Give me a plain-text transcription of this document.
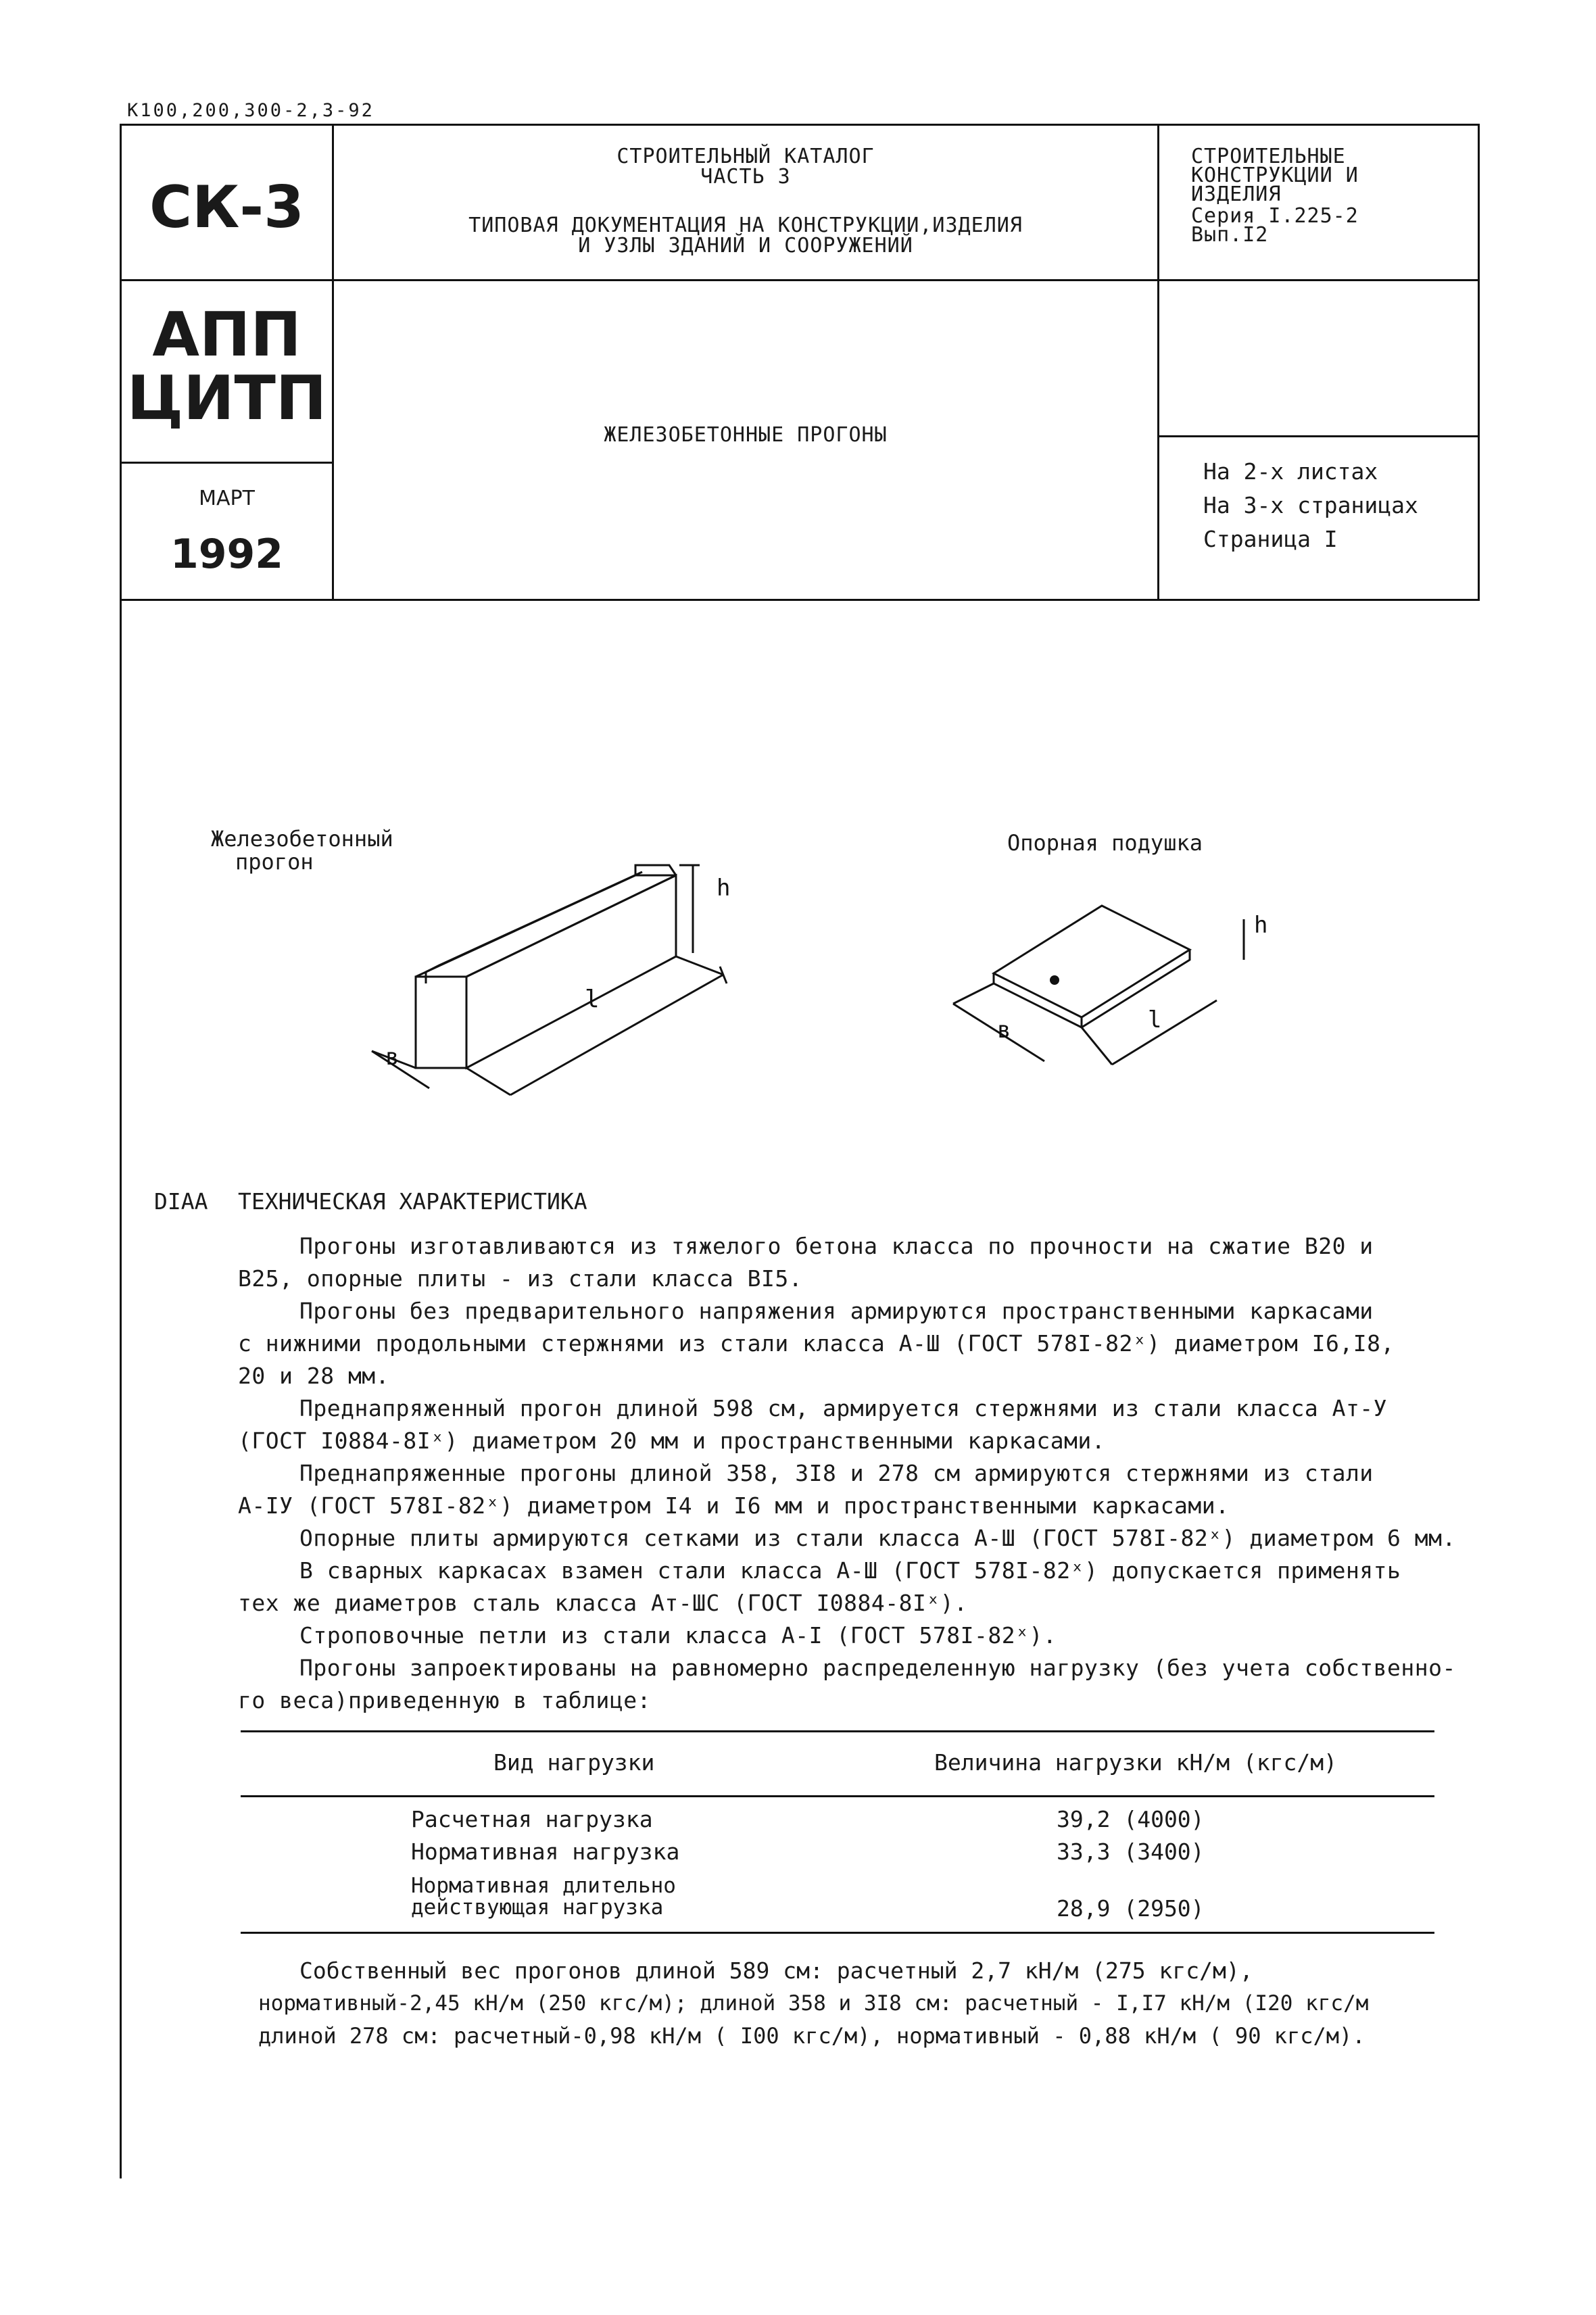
К100,200,300-2,3-92
СК-3
АПП
ЦИТП
МАРТ
1992
СТРОИТЕЛЬНЫЙ КАТАЛОГ
ЧАСТЬ 3
ТИПОВАЯ ДОКУМЕНТАЦИЯ НА КОНСТРУКЦИИ,ИЗДЕЛИЯ
И УЗЛЫ ЗДАНИЙ И СООРУЖЕНИЙ
ЖЕЛЕЗОБЕТОННЫЕ ПРОГОНЫ
СТРОИТЕЛЬНЫЕ
КОНСТРУКЦИИ И
ИЗДЕЛИЯ
Серия I.225-2
Вып.I2
На 2-х листах
На 3-х страницах
Страница I
Железобетонный
прогон
Опорная подушка
h
l
в
h
в	l
DIAA ТЕХНИЧЕСКАЯ ХАРАКТЕРИСТИКА
Прогоны изготавливаются из тяжелого бетона класса по прочности на сжатие В20 и
В25, опорные плиты - из стали класса ВI5.
Прогоны без предварительного напряжения армируются пространственными каркасами
с нижними продольными стержнями из стали класса А-Ш (ГОСТ 578I-82ˣ) диаметром I6,I8,
20 и 28 мм.
Преднапряженный прогон длиной 598 см, армируется стержнями из стали класса Ат-У
(ГОСТ I0884-8Iˣ) диаметром 20 мм и пространственными каркасами.
Преднапряженные прогоны длиной 358, 3I8 и 278 см армируются стержнями из стали
А-IУ (ГОСТ 578I-82ˣ) диаметром I4 и I6 мм и пространственными каркасами.
Опорные плиты армируются сетками из стали класса А-Ш (ГОСТ 578I-82ˣ) диаметром 6 мм.
В сварных каркасах взамен стали класса А-Ш (ГОСТ 578I-82ˣ) допускается применять
тех же диаметров сталь класса Ат-ШС (ГОСТ I0884-8Iˣ).
Строповочные петли из стали класса А-I (ГОСТ 578I-82ˣ).
Прогоны запроектированы на равномерно распределенную нагрузку (без учета собственно-
го веса)приведенную в таблице:
Вид нагрузки	Величина нагрузки кН/м (кгс/м)
Расчетная нагрузка	39,2 (4000)
Нормативная нагрузка	33,3 (3400)
Нормативная длительно
действующая нагрузка	28,9 (2950)
Собственный вес прогонов длиной 589 см: расчетный 2,7 кН/м (275 кгс/м),
нормативный-2,45 кН/м (250 кгс/м); длиной 358 и 3I8 см: расчетный - I,I7 кН/м (I20 кгс/м
длиной 278 см: расчетный-0,98 кН/м ( I00 кгс/м), нормативный - 0,88 кН/м ( 90 кгс/м).
